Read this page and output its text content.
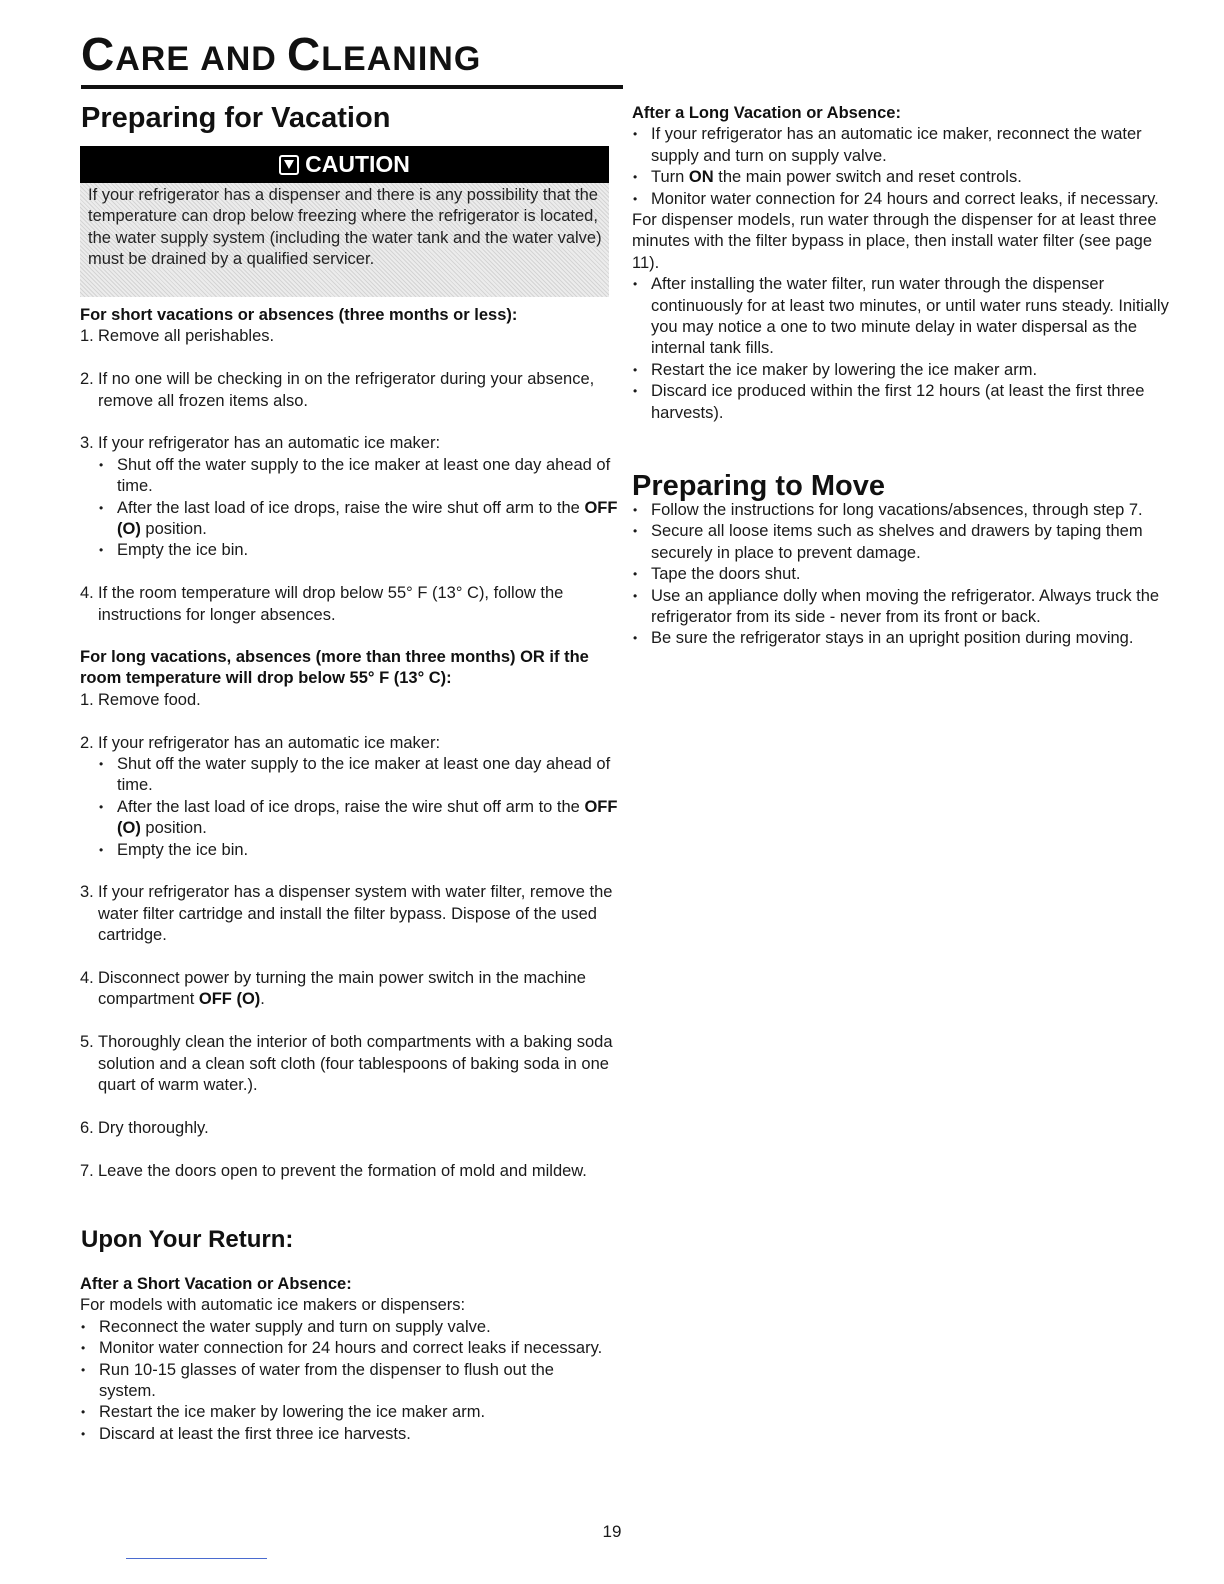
CARE AND CLEANING
Preparing for Vacation
CAUTION
If your refrigerator has a dispenser and there is any possibility that the temperature can drop below freezing where the refrigerator is located, the water supply system (including the water tank and the water valve) must be drained by a qualified servicer.
For short vacations or absences (three months or less):
1. Remove all perishables.
2. If no one will be checking in on the refrigerator during your absence, remove all frozen items also.
3. If your refrigerator has an automatic ice maker:
• Shut off the water supply to the ice maker at least one day ahead of time.
• After the last load of ice drops, raise the wire shut off arm to the OFF (O) position.
• Empty the ice bin.
4. If the room temperature will drop below 55° F (13° C), follow the instructions for longer absences.
For long vacations, absences (more than three months) OR if the room temperature will drop below 55° F (13° C):
1. Remove food.
2. If your refrigerator has an automatic ice maker:
• Shut off the water supply to the ice maker at least one day ahead of time.
• After the last load of ice drops, raise the wire shut off arm to the OFF (O) position.
• Empty the ice bin.
3. If your refrigerator has a dispenser system with water filter, remove the water filter cartridge and install the filter bypass. Dispose of the used cartridge.
4. Disconnect power by turning the main power switch in the machine compartment OFF (O).
5. Thoroughly clean the interior of both compartments with a baking soda solution and a clean soft cloth (four tablespoons of baking soda in one quart of warm water.).
6. Dry thoroughly.
7. Leave the doors open to prevent the formation of mold and mildew.
Upon Your Return:
After a Short Vacation or Absence:
For models with automatic ice makers or dispensers:
• Reconnect the water supply and turn on supply valve.
• Monitor water connection for 24 hours and correct leaks if necessary.
• Run 10-15 glasses of water from the dispenser to flush out the system.
• Restart the ice maker by lowering the ice maker arm.
• Discard at least the first three ice harvests.
After a Long Vacation or Absence:
• If your refrigerator has an automatic ice maker, reconnect the water supply and turn on supply valve.
• Turn ON the main power switch and reset controls.
• Monitor water connection for 24 hours and correct leaks, if necessary.
For dispenser models, run water through the dispenser for at least three minutes with the filter bypass in place, then install water filter (see page 11).
• After installing the water filter, run water through the dispenser continuously for at least two minutes, or until water runs steady. Initially you may notice a one to two minute delay in water dispersal as the internal tank fills.
• Restart the ice maker by lowering the ice maker arm.
• Discard ice produced within the first 12 hours (at least the first three harvests).
Preparing to Move
• Follow the instructions for long vacations/absences, through step 7.
• Secure all loose items such as shelves and drawers by taping them securely in place to prevent damage.
• Tape the doors shut.
• Use an appliance dolly when moving the refrigerator. Always truck the refrigerator from its side - never from its front or back.
• Be sure the refrigerator stays in an upright position during moving.
19
